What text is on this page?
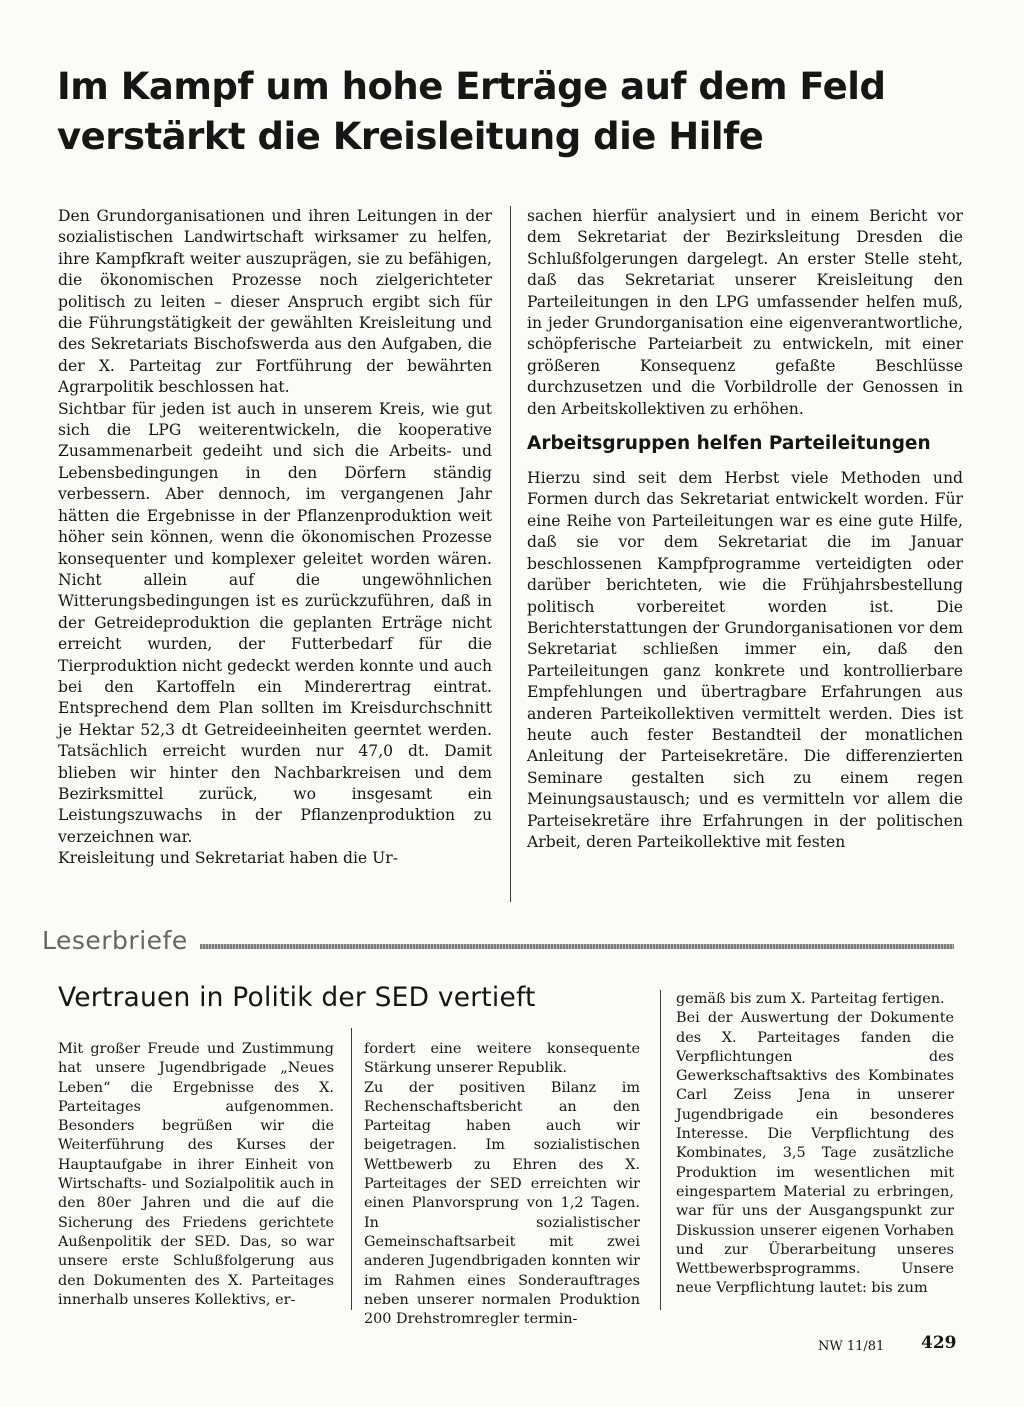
Im Kampf um hohe Erträge auf dem Feld verstärkt die Kreisleitung die Hilfe

Den Grundorganisationen und ihren Leitungen in der sozialistischen Landwirtschaft wirksamer zu helfen, ihre Kampfkraft weiter auszuprägen, sie zu befähigen, die ökonomischen Prozesse noch zielgerichteter politisch zu leiten – dieser Anspruch ergibt sich für die Führungstätigkeit der gewählten Kreisleitung und des Sekretariats Bischofswerda aus den Aufgaben, die der X. Parteitag zur Fortführung der bewährten Agrarpolitik beschlossen hat.

Sichtbar für jeden ist auch in unserem Kreis, wie gut sich die LPG weiterentwickeln, die kooperative Zusammenarbeit gedeiht und sich die Arbeits- und Lebensbedingungen in den Dörfern ständig verbessern. Aber dennoch, im vergangenen Jahr hätten die Ergebnisse in der Pflanzenproduktion weit höher sein können, wenn die ökonomischen Prozesse konsequenter und komplexer geleitet worden wären. Nicht allein auf die ungewöhnlichen Witterungsbedingungen ist es zurückzuführen, daß in der Getreideproduktion die geplanten Erträge nicht erreicht wurden, der Futterbedarf für die Tierproduktion nicht gedeckt werden konnte und auch bei den Kartoffeln ein Minderertrag eintrat. Entsprechend dem Plan sollten im Kreisdurchschnitt je Hektar 52,3 dt Getreideeinheiten geerntet werden. Tatsächlich erreicht wurden nur 47,0 dt. Damit blieben wir hinter den Nachbarkreisen und dem Bezirksmittel zurück, wo insgesamt ein Leistungszuwachs in der Pflanzenproduktion zu verzeichnen war.

Kreisleitung und Sekretariat haben die Ur-

sachen hierfür analysiert und in einem Bericht vor dem Sekretariat der Bezirksleitung Dresden die Schlußfolgerungen dargelegt. An erster Stelle steht, daß das Sekretariat unserer Kreisleitung den Parteileitungen in den LPG umfassender helfen muß, in jeder Grundorganisation eine eigenverantwortliche, schöpferische Parteiarbeit zu entwickeln, mit einer größeren Konsequenz gefaßte Beschlüsse durchzusetzen und die Vorbildrolle der Genossen in den Arbeitskollektiven zu erhöhen.

Arbeitsgruppen helfen Parteileitungen

Hierzu sind seit dem Herbst viele Methoden und Formen durch das Sekretariat entwickelt worden. Für eine Reihe von Parteileitungen war es eine gute Hilfe, daß sie vor dem Sekretariat die im Januar beschlossenen Kampfprogramme verteidigten oder darüber berichteten, wie die Frühjahrsbestellung politisch vorbereitet worden ist. Die Berichterstattungen der Grundorganisationen vor dem Sekretariat schließen immer ein, daß den Parteileitungen ganz konkrete und kontrollierbare Empfehlungen und übertragbare Erfahrungen aus anderen Parteikollektiven vermittelt werden. Dies ist heute auch fester Bestandteil der monatlichen Anleitung der Parteisekretäre. Die differenzierten Seminare gestalten sich zu einem regen Meinungsaustausch; und es vermitteln vor allem die Parteisekretäre ihre Erfahrungen in der politischen Arbeit, deren Parteikollektive mit festen

Leserbriefe
Vertrauen in Politik der SED vertieft

Mit großer Freude und Zustimmung hat unsere Jugendbrigade „Neues Leben“ die Ergebnisse des X. Parteitages aufgenommen. Besonders begrüßen wir die Weiterführung des Kurses der Hauptaufgabe in ihrer Einheit von Wirtschafts- und Sozialpolitik auch in den 80er Jahren und die auf die Sicherung des Friedens gerichtete Außenpolitik der SED. Das, so war unsere erste Schlußfolgerung aus den Dokumenten des X. Parteitages innerhalb unseres Kollektivs, er-

fordert eine weitere konsequente Stärkung unserer Republik.

Zu der positiven Bilanz im Rechenschaftsbericht an den Parteitag haben auch wir beigetragen. Im sozialistischen Wettbewerb zu Ehren des X. Parteitages der SED erreichten wir einen Planvorsprung von 1,2 Tagen. In sozialistischer Gemeinschaftsarbeit mit zwei anderen Jugendbrigaden konnten wir im Rahmen eines Sonderauftrages neben unserer normalen Produktion 200 Drehstromregler termin-

gemäß bis zum X. Parteitag fertigen.

Bei der Auswertung der Dokumente des X. Parteitages fanden die Verpflichtungen des Gewerkschaftsaktivs des Kombinates Carl Zeiss Jena in unserer Jugendbrigade ein besonderes Interesse. Die Verpflichtung des Kombinates, 3,5 Tage zusätzliche Produktion im wesentlichen mit eingespartem Material zu erbringen, war für uns der Ausgangspunkt zur Diskussion unserer eigenen Vorhaben und zur Überarbeitung unseres Wettbewerbsprogramms. Unsere neue Verpflichtung lautet: bis zum

NW 11/81 429
